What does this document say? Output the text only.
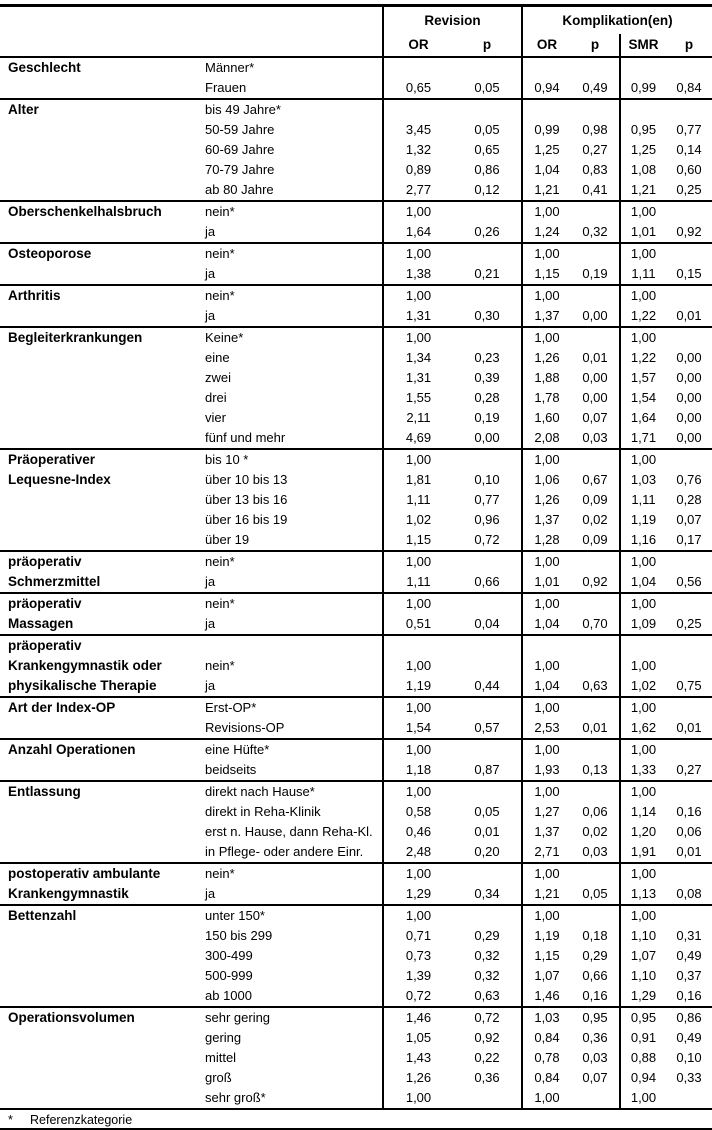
		Revision		Komplikation(en)			
		OR	p	OR	p	SMR	p
Geschlecht	Männer*						
	Frauen	0,65	0,05	0,94	0,49	0,99	0,84
Alter	bis 49 Jahre*						
	50-59 Jahre	3,45	0,05	0,99	0,98	0,95	0,77
	60-69 Jahre	1,32	0,65	1,25	0,27	1,25	0,14
	70-79 Jahre	0,89	0,86	1,04	0,83	1,08	0,60
	ab 80 Jahre	2,77	0,12	1,21	0,41	1,21	0,25
Oberschenkelhalsbruch	nein*	1,00		1,00		1,00	
	ja	1,64	0,26	1,24	0,32	1,01	0,92
Osteoporose	nein*	1,00		1,00		1,00	
	ja	1,38	0,21	1,15	0,19	1,11	0,15
Arthritis	nein*	1,00		1,00		1,00	
	ja	1,31	0,30	1,37	0,00	1,22	0,01
Begleiterkrankungen	Keine*	1,00		1,00		1,00	
	eine	1,34	0,23	1,26	0,01	1,22	0,00
	zwei	1,31	0,39	1,88	0,00	1,57	0,00
	drei	1,55	0,28	1,78	0,00	1,54	0,00
	vier	2,11	0,19	1,60	0,07	1,64	0,00
	fünf und mehr	4,69	0,00	2,08	0,03	1,71	0,00
Präoperativer	bis 10 *	1,00		1,00		1,00	
Lequesne-Index	über 10 bis 13	1,81	0,10	1,06	0,67	1,03	0,76
	über 13 bis 16	1,11	0,77	1,26	0,09	1,11	0,28
	über 16 bis 19	1,02	0,96	1,37	0,02	1,19	0,07
	über 19	1,15	0,72	1,28	0,09	1,16	0,17
präoperativ	nein*	1,00		1,00		1,00	
Schmerzmittel	ja	1,11	0,66	1,01	0,92	1,04	0,56
präoperativ	nein*	1,00		1,00		1,00	
Massagen	ja	0,51	0,04	1,04	0,70	1,09	0,25
präoperativ							
Krankengymnastik oder	nein*	1,00		1,00		1,00	
physikalische Therapie	ja	1,19	0,44	1,04	0,63	1,02	0,75
Art der Index-OP	Erst-OP*	1,00		1,00		1,00	
	Revisions-OP	1,54	0,57	2,53	0,01	1,62	0,01
Anzahl Operationen	eine Hüfte*	1,00		1,00		1,00	
	beidseits	1,18	0,87	1,93	0,13	1,33	0,27
Entlassung	direkt nach Hause*	1,00		1,00		1,00	
	direkt in Reha-Klinik	0,58	0,05	1,27	0,06	1,14	0,16
	erst n. Hause, dann Reha-Kl.	0,46	0,01	1,37	0,02	1,20	0,06
	in Pflege- oder andere Einr.	2,48	0,20	2,71	0,03	1,91	0,01
postoperativ ambulante	nein*	1,00		1,00		1,00	
Krankengymnastik	ja	1,29	0,34	1,21	0,05	1,13	0,08
Bettenzahl	unter 150*	1,00		1,00		1,00	
	150 bis 299	0,71	0,29	1,19	0,18	1,10	0,31
	300-499	0,73	0,32	1,15	0,29	1,07	0,49
	500-999	1,39	0,32	1,07	0,66	1,10	0,37
	ab 1000	0,72	0,63	1,46	0,16	1,29	0,16
Operationsvolumen	sehr gering	1,46	0,72	1,03	0,95	0,95	0,86
	gering	1,05	0,92	0,84	0,36	0,91	0,49
	mittel	1,43	0,22	0,78	0,03	0,88	0,10
	groß	1,26	0,36	0,84	0,07	0,94	0,33
	sehr groß*	1,00		1,00		1,00	
* Referenzkategorie
